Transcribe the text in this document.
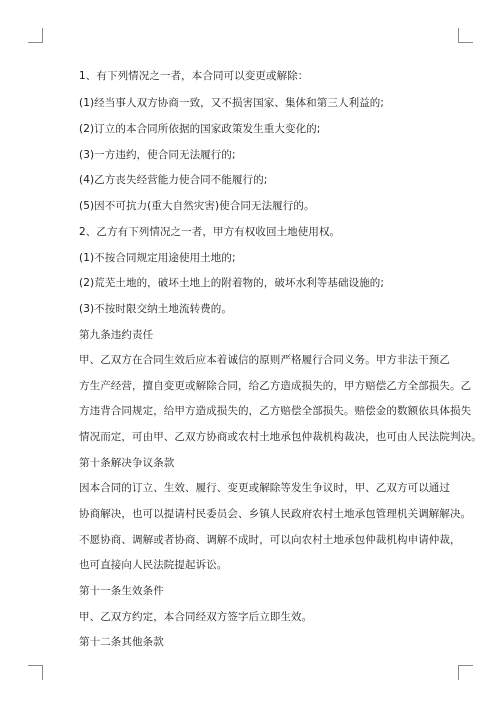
1、有下列情况之一者，本合同可以变更或解除：
(1)经当事人双方协商一致，又不损害国家、集体和第三人利益的;
(2)订立的本合同所依据的国家政策发生重大变化的;
(3)一方违约，使合同无法履行的;
(4)乙方丧失经营能力使合同不能履行的;
(5)因不可抗力(重大自然灾害)使合同无法履行的。
2、乙方有下列情况之一者，甲方有权收回土地使用权。
(1)不按合同规定用途使用土地的;
(2)荒芜土地的，破坏土地上的附着物的，破坏水利等基础设施的;
(3)不按时限交纳土地流转费的。
第九条违约责任
甲、乙双方在合同生效后应本着诚信的原则严格履行合同义务。甲方非法干预乙
方生产经营，擅自变更或解除合同，给乙方造成损失的，甲方赔偿乙方全部损失。乙
方违背合同规定，给甲方造成损失的，乙方赔偿全部损失。赔偿金的数额依具体损失
情况而定，可由甲、乙双方协商或农村土地承包仲裁机构裁决，也可由人民法院判决。
第十条解决争议条款
因本合同的订立、生效、履行、变更或解除等发生争议时，甲、乙双方可以通过
协商解决，也可以提请村民委员会、乡镇人民政府农村土地承包管理机关调解解决。
不愿协商、调解或者协商、调解不成时，可以向农村土地承包仲裁机构申请仲裁，
也可直接向人民法院提起诉讼。
第十一条生效条件
甲、乙双方约定，本合同经双方签字后立即生效。
第十二条其他条款
